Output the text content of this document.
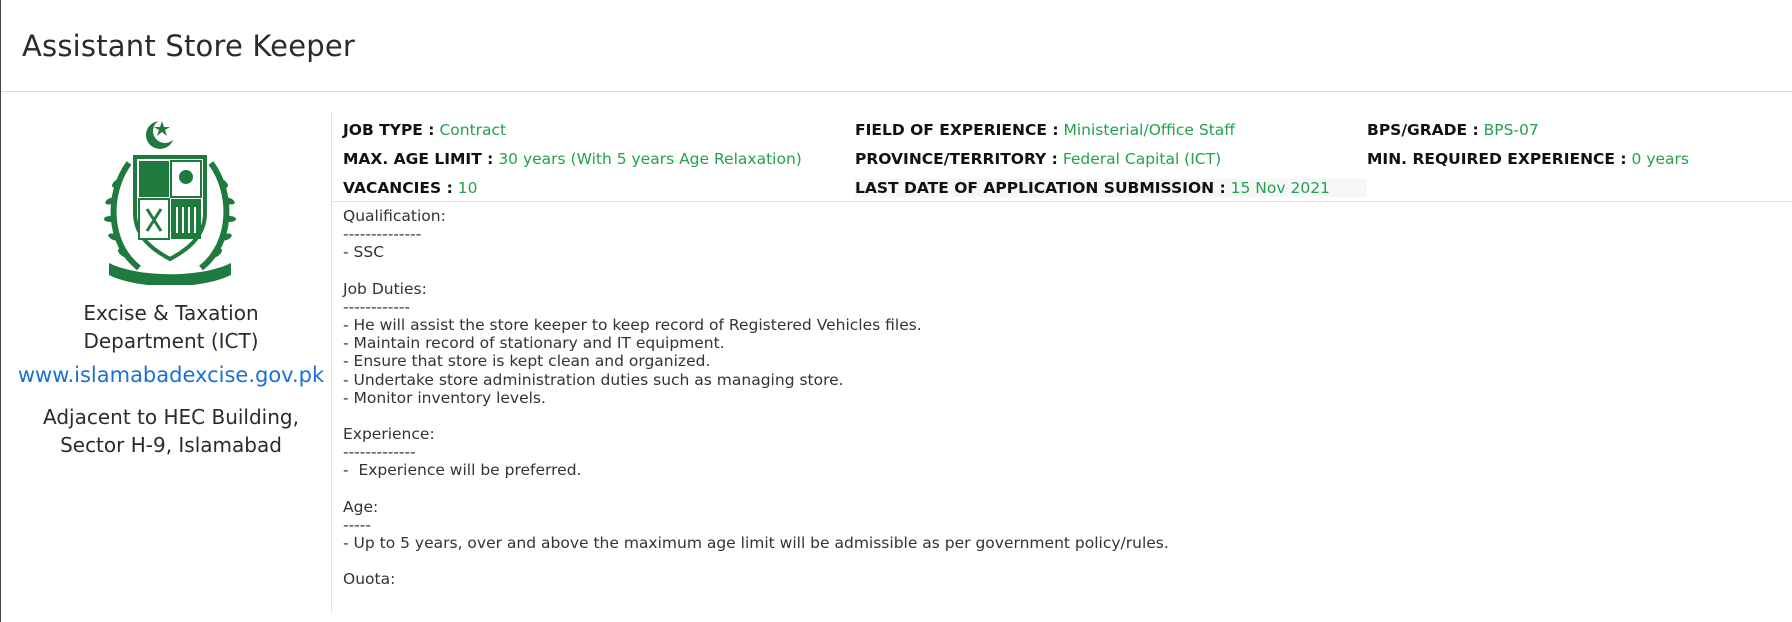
Assistant Store Keeper
Excise & Taxation
Department (ICT)
www.islamabadexcise.gov.pk
Adjacent to HEC Building,
Sector H-9, Islamabad
JOB TYPE : Contract	FIELD OF EXPERIENCE : Ministerial/Office Staff	BPS/GRADE : BPS-07
MAX. AGE LIMIT : 30 years (With 5 years Age Relaxation)	PROVINCE/TERRITORY : Federal Capital (ICT)	MIN. REQUIRED EXPERIENCE : 0 years
VACANCIES : 10	LAST DATE OF APPLICATION SUBMISSION : 15 Nov 2021
Qualification:
--------------
- SSC
Job Duties:
------------
- He will assist the store keeper to keep record of Registered Vehicles files.
- Maintain record of stationary and IT equipment.
- Ensure that store is kept clean and organized.
- Undertake store administration duties such as managing store.
- Monitor inventory levels.
Experience:
-------------
-  Experience will be preferred.
Age:
-----
- Up to 5 years, over and above the maximum age limit will be admissible as per government policy/rules.
Ouota:
